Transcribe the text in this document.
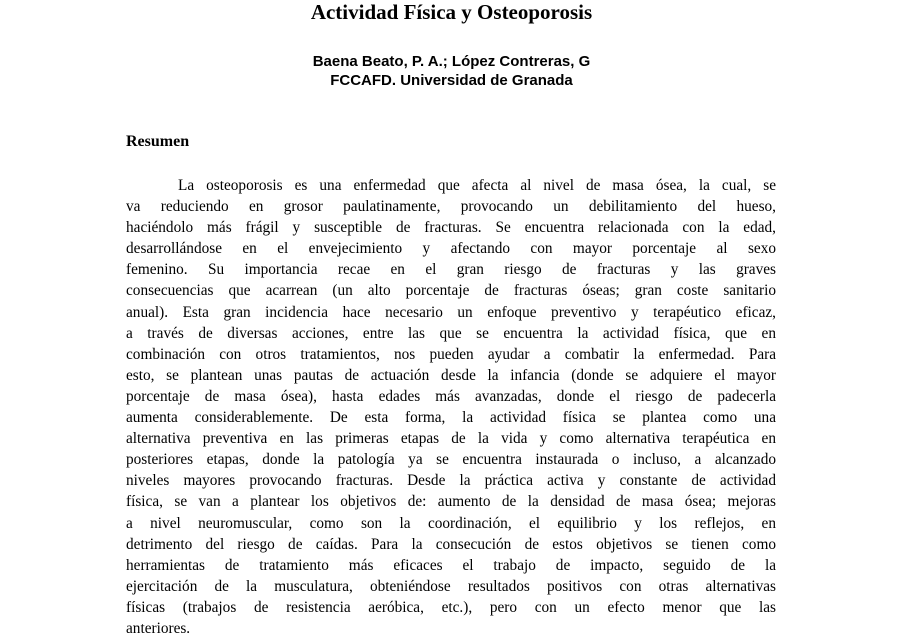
Actividad Física y Osteoporosis
Baena Beato, P. A.; López Contreras, G
FCCAFD. Universidad de Granada
Resumen
La osteoporosis es una enfermedad que afecta al nivel de masa ósea, la cual, se
va reduciendo en grosor paulatinamente, provocando un debilitamiento del hueso,
haciéndolo más frágil y susceptible de fracturas. Se encuentra relacionada con la edad,
desarrollándose en el envejecimiento y afectando con mayor porcentaje al sexo
femenino. Su importancia recae en el gran riesgo de fracturas y las graves
consecuencias que acarrean (un alto porcentaje de fracturas óseas; gran coste sanitario
anual). Esta gran incidencia hace necesario un enfoque preventivo y terapéutico eficaz,
a través de diversas acciones, entre las que se encuentra la actividad física, que en
combinación con otros tratamientos, nos pueden ayudar a combatir la enfermedad. Para
esto, se plantean unas pautas de actuación desde la infancia (donde se adquiere el mayor
porcentaje de masa ósea), hasta edades más avanzadas, donde el riesgo de padecerla
aumenta considerablemente. De esta forma, la actividad física se plantea como una
alternativa preventiva en las primeras etapas de la vida y como alternativa terapéutica en
posteriores etapas, donde la patología ya se encuentra instaurada o incluso, a alcanzado
niveles mayores provocando fracturas. Desde la práctica activa y constante de actividad
física, se van a plantear los objetivos de: aumento de la densidad de masa ósea; mejoras
a nivel neuromuscular, como son la coordinación, el equilibrio y los reflejos, en
detrimento del riesgo de caídas. Para la consecución de estos objetivos se tienen como
herramientas de tratamiento más eficaces el trabajo de impacto, seguido de la
ejercitación de la musculatura, obteniéndose resultados positivos con otras alternativas
físicas (trabajos de resistencia aeróbica, etc.), pero con un efecto menor que las
anteriores.
